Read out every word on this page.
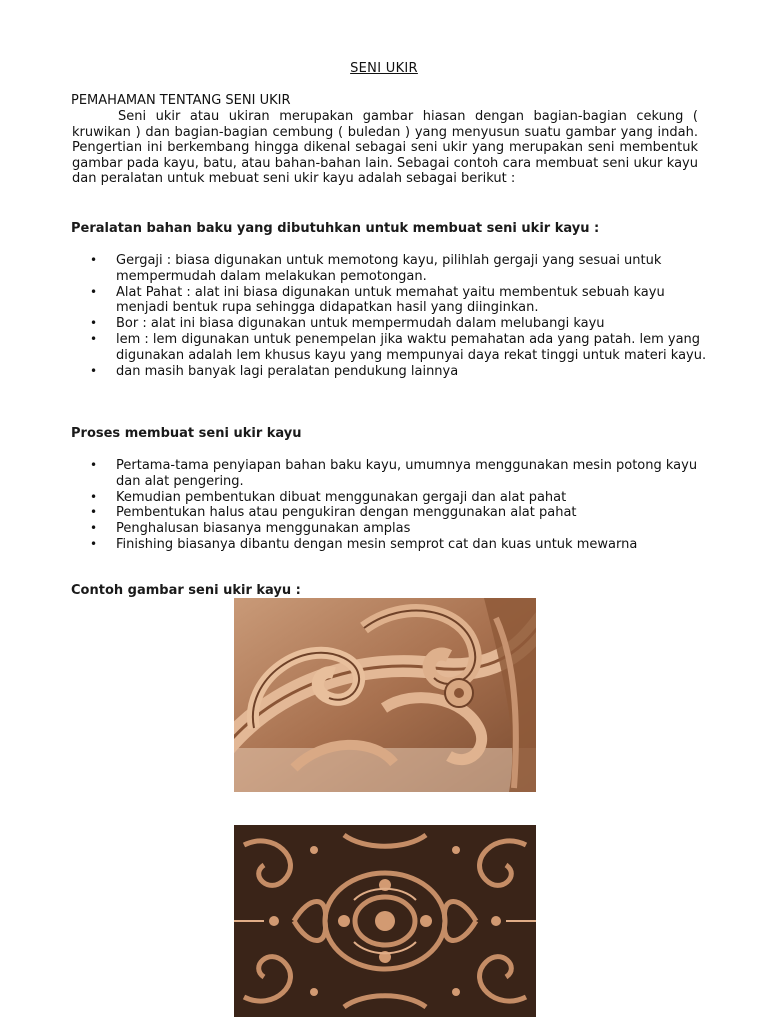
SENI UKIR
PEMAHAMAN TENTANG SENI UKIR
Seni ukir atau ukiran merupakan gambar hiasan dengan bagian-bagian cekung ( kruwikan ) dan bagian-bagian cembung ( buledan ) yang menyusun suatu gambar yang indah. Pengertian ini berkembang hingga dikenal sebagai seni ukir yang merupakan seni membentuk gambar pada kayu, batu, atau bahan-bahan lain. Sebagai contoh cara membuat seni ukur kayu dan peralatan untuk mebuat seni ukir kayu adalah sebagai berikut :
Peralatan bahan baku yang dibutuhkan untuk membuat seni ukir kayu :
• Gergaji : biasa digunakan untuk memotong kayu, pilihlah gergaji yang sesuai untuk mempermudah dalam melakukan pemotongan.
• Alat Pahat : alat ini biasa digunakan untuk memahat yaitu membentuk sebuah kayu menjadi bentuk rupa sehingga didapatkan hasil yang diinginkan.
• Bor : alat ini biasa digunakan untuk mempermudah dalam melubangi kayu
• lem : lem digunakan untuk penempelan jika waktu pemahatan ada yang patah. lem yang digunakan adalah lem khusus kayu yang mempunyai daya rekat tinggi untuk materi kayu.
• dan masih banyak lagi peralatan pendukung lainnya
Proses membuat seni ukir kayu
• Pertama-tama penyiapan bahan baku kayu, umumnya menggunakan mesin potong kayu dan alat pengering.
• Kemudian pembentukan dibuat menggunakan gergaji dan alat pahat
• Pembentukan halus atau pengukiran dengan menggunakan alat pahat
• Penghalusan biasanya menggunakan amplas
• Finishing biasanya dibantu dengan mesin semprot cat dan kuas untuk mewarna
Contoh gambar seni ukir kayu :
